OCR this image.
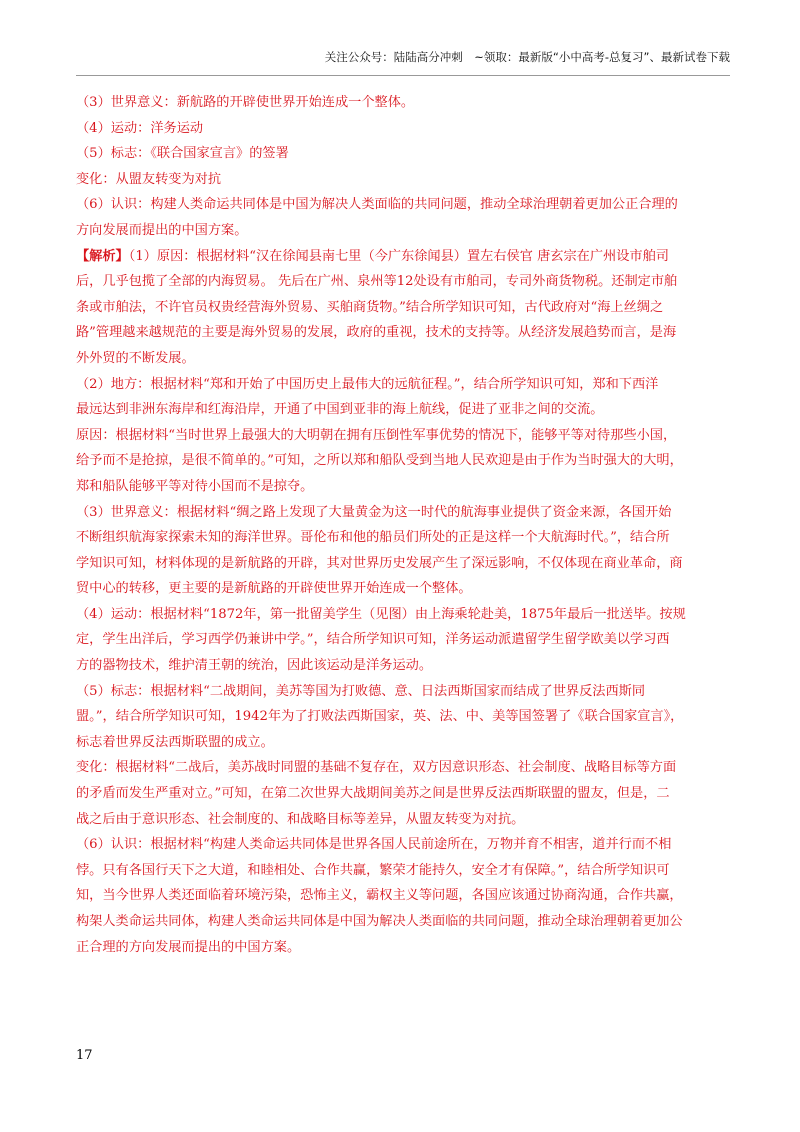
关注公众号：陆陆高分冲刺　~领取：最新版“小中高考-总复习”、最新试卷下载
（3）世界意义：新航路的开辟使世界开始连成一个整体。
（4）运动：洋务运动
（5）标志：《联合国家宣言》的签署
变化：从盟友转变为对抗
（6）认识：构建人类命运共同体是中国为解决人类面临的共同问题，推动全球治理朝着更加公正合理的
方向发展而提出的中国方案。
【解析】（1）原因：根据材料“汉在徐闻县南七里（今广东徐闻县）置左右侯官 唐玄宗在广州设市舶司
后，几乎包揽了全部的内海贸易。 先后在广州、泉州等12处设有市舶司，专司外商货物税。还制定市舶
条或市舶法，不许官员权贵经营海外贸易、买舶商货物。”结合所学知识可知，古代政府对“海上丝绸之
路”管理越来越规范的主要是海外贸易的发展，政府的重视，技术的支持等。从经济发展趋势而言，是海
外外贸的不断发展。
（2）地方：根据材料“郑和开始了中国历史上最伟大的远航征程。”，结合所学知识可知，郑和下西洋
最远达到非洲东海岸和红海沿岸，开通了中国到亚非的海上航线，促进了亚非之间的交流。
原因：根据材料“当时世界上最强大的大明朝在拥有压倒性军事优势的情况下，能够平等对待那些小国，
给予而不是抢掠，是很不简单的。”可知，之所以郑和船队受到当地人民欢迎是由于作为当时强大的大明，
郑和船队能够平等对待小国而不是掠夺。
（3）世界意义：根据材料“绸之路上发现了大量黄金为这一时代的航海事业提供了资金来源，各国开始
不断组织航海家探索未知的海洋世界。哥伦布和他的船员们所处的正是这样一个大航海时代。”，结合所
学知识可知，材料体现的是新航路的开辟，其对世界历史发展产生了深远影响，不仅体现在商业革命，商
贸中心的转移，更主要的是新航路的开辟使世界开始连成一个整体。
（4）运动：根据材料“1872年，第一批留美学生（见图）由上海乘轮赴美，1875年最后一批送毕。按规
定，学生出洋后，学习西学仍兼讲中学。”，结合所学知识可知，洋务运动派遣留学生留学欧美以学习西
方的器物技术，维护清王朝的统治，因此该运动是洋务运动。
（5）标志：根据材料“二战期间，美苏等国为打败德、意、日法西斯国家而结成了世界反法西斯同
盟。”，结合所学知识可知，1942年为了打败法西斯国家，英、法、中、美等国签署了《联合国家宣言》，
标志着世界反法西斯联盟的成立。
变化：根据材料“二战后，美苏战时同盟的基础不复存在，双方因意识形态、社会制度、战略目标等方面
的矛盾而发生严重对立。”可知，在第二次世界大战期间美苏之间是世界反法西斯联盟的盟友，但是，二
战之后由于意识形态、社会制度的、和战略目标等差异，从盟友转变为对抗。
（6）认识：根据材料“构建人类命运共同体是世界各国人民前途所在，万物并育不相害，道并行而不相
悖。只有各国行天下之大道，和睦相处、合作共赢，繁荣才能持久，安全才有保障。”，结合所学知识可
知，当今世界人类还面临着环境污染，恐怖主义，霸权主义等问题，各国应该通过协商沟通，合作共赢，
构架人类命运共同体，构建人类命运共同体是中国为解决人类面临的共同问题，推动全球治理朝着更加公
正合理的方向发展而提出的中国方案。
17
